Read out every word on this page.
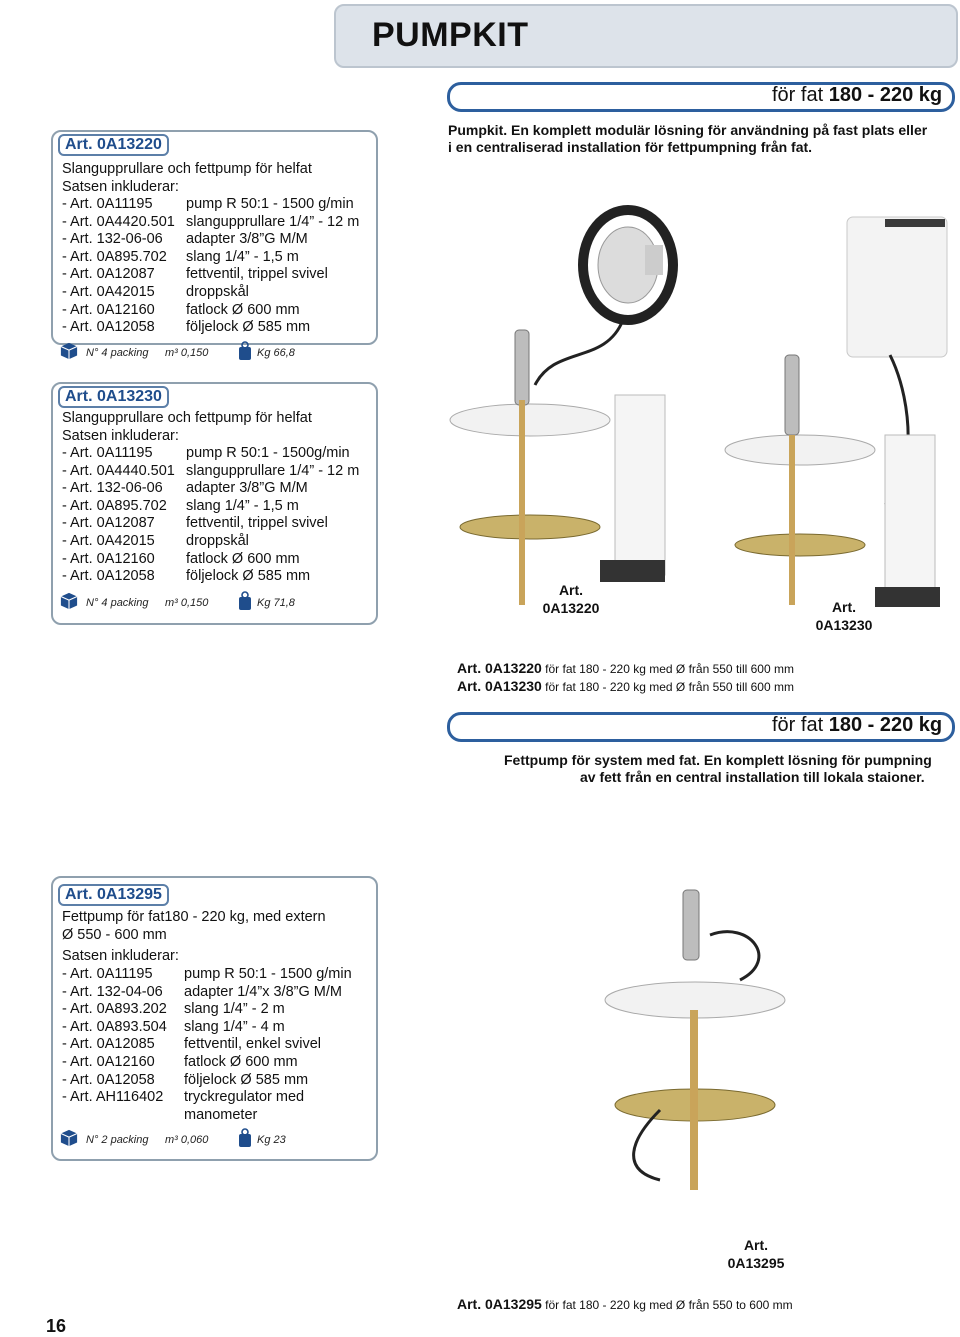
PUMPKIT
för fat 180 - 220 kg
Pumpkit. En komplett modulär lösning för användning på fast plats eller
i en centraliserad installation för fettpumpning från fat.
Art. 0A13220
Slangupprullare och fettpump för helfat
Satsen inkluderar:
- Art. 0A11195	pump R 50:1 - 1500 g/min
- Art. 0A4420.501 slangupprullare 1/4” - 12 m
- Art. 132-06-06	adapter 3/8”G M/M
- Art. 0A895.702	slang 1/4” - 1,5 m
- Art. 0A12087	fettventil, trippel svivel
- Art. 0A42015	droppskål
- Art. 0A12160	fatlock Ø 600 mm
- Art. 0A12058	följelock Ø 585 mm
N° 4 packing m³ 0,150	Kg 66,8
Art. 0A13230
Slangupprullare och fettpump för helfat
Satsen inkluderar:
- Art. 0A11195	pump R 50:1 - 1500g/min
- Art. 0A4440.501 slangupprullare 1/4” - 12 m
- Art. 132-06-06	adapter 3/8”G M/M
- Art. 0A895.702	slang 1/4” - 1,5 m
- Art. 0A12087	fettventil, trippel svivel
- Art. 0A42015	droppskål
- Art. 0A12160	fatlock Ø 600 mm
- Art. 0A12058	följelock Ø 585 mm
N° 4 packing m³ 0,150	Kg 71,8
Art.
0A13220	Art.
0A13230
Art. 0A13220 för fat 180 - 220 kg med Ø från 550 till 600 mm
Art. 0A13230 för fat 180 - 220 kg med Ø från 550 till 600 mm
för fat 180 - 220 kg
Fettpump för system med fat. En komplett lösning för pumpning
av fett från en central installation till lokala staioner.
Art. 0A13295
Fettpump för fat180 - 220 kg, med extern
Ø 550 - 600 mm
Satsen inkluderar:
- Art. 0A11195	pump R 50:1 - 1500 g/min
- Art. 132-04-06	adapter 1/4”x 3/8”G M/M
- Art. 0A893.202	slang 1/4” - 2 m
- Art. 0A893.504	slang 1/4” - 4 m
- Art. 0A12085	fettventil, enkel svivel
- Art. 0A12160	fatlock Ø 600 mm
- Art. 0A12058	följelock Ø 585 mm
- Art. AH116402	tryckregulator med
manometer
N° 2 packing m³ 0,060	Kg 23
Art.
0A13295
Art. 0A13295 för fat 180 - 220 kg med Ø från 550 to 600 mm
16
